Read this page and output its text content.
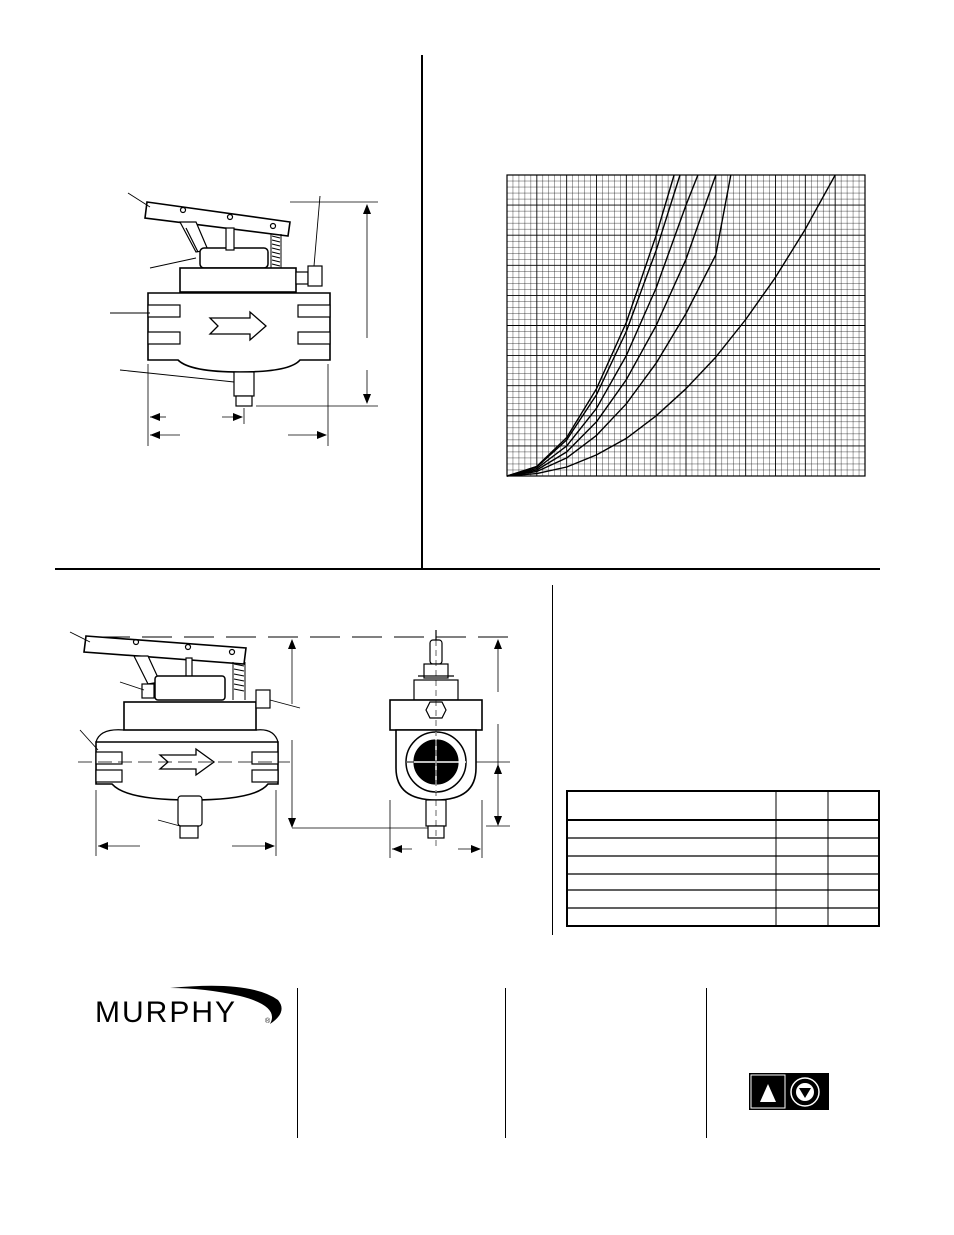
MURPHY	®
